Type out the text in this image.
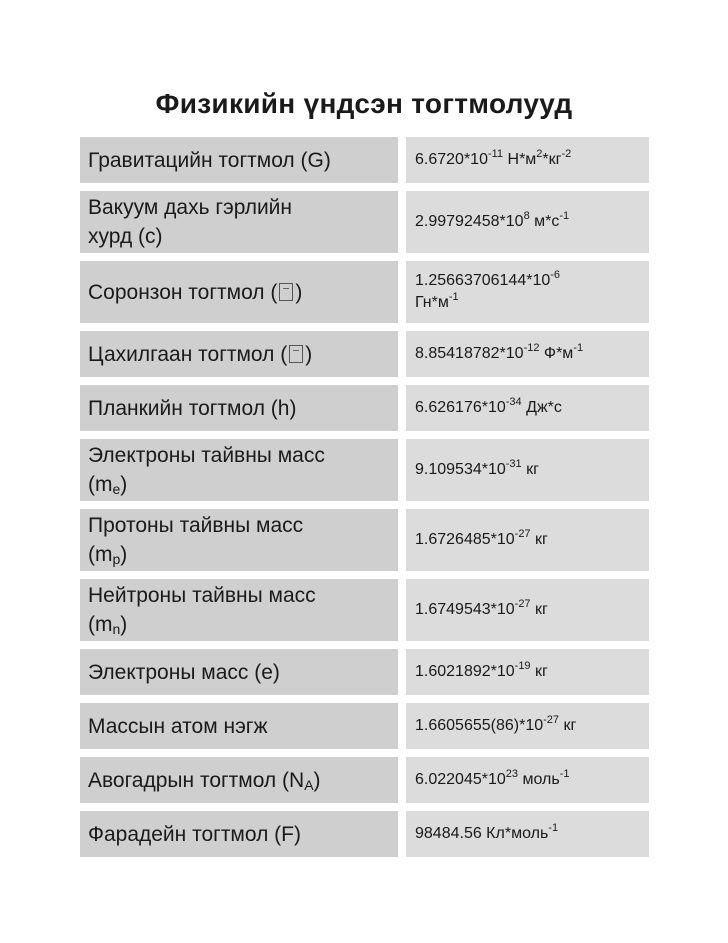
Физикийн үндсэн тогтмолууд
Гравитацийн тогтмол (G)	$6.6720*10^{-11}$ $Н*м^2*кг^{-2}$

Вакуум дахь гэрлийн
хурд (c)	$2.99792458*10^8$ $м*с^{-1}$
Соронзон тогтмол ( )	$1.25663706144*10^{-6}$
$Гн*м^{-1}$

Цахилгаан тогтмол ( )	$8.85418782*10^{-12}$ $Ф*м^{-1}$
Планкийн тогтмол (h)	$6.626176*10^{-34}$ Дж*с

Электроны тайвны масс
$(m_e)$	$9.109534*10^{-31}$ кг

Протоны тайвны масс
$(m_p)$	$1.6726485*10^{-27}$ кг

Нейтроны тайвны масс
$(m_n)$	$1.6749543*10^{-27}$ кг
Электроны масс (e)	$1.6021892*10^{-19}$ кг
Массын атом нэгж	$1.6605655(86)*10^{-27}$ кг
Авогадрын тогтмол $(N_A)$	$6.022045*10^{23}$ моль$^{-1}$
Фарадейн тогтмол (F)	98484.56 Кл*моль$^{-1}$
